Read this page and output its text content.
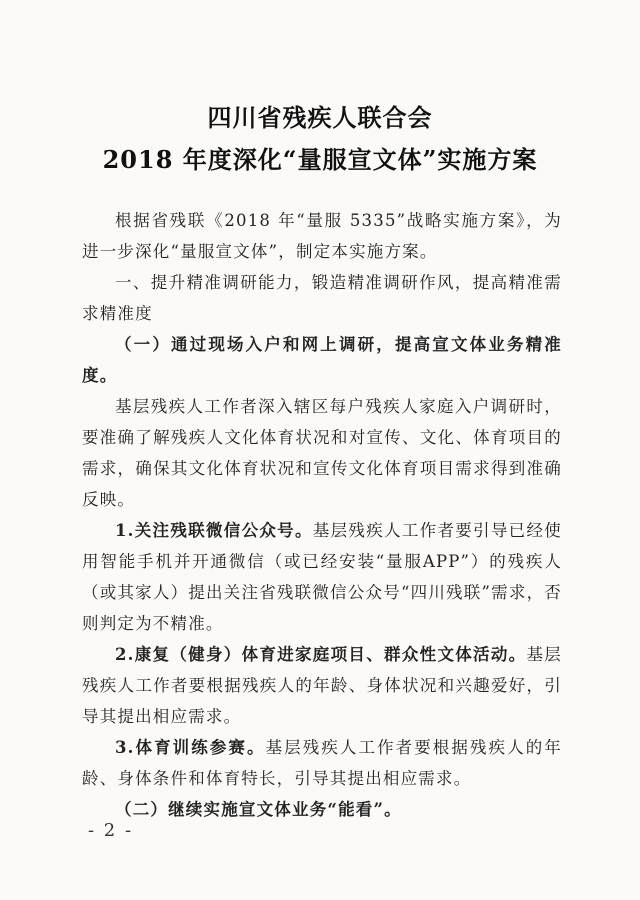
四川省残疾人联合会
2018 年度深化“量服宣文体”实施方案

根据省残联《2018 年“量服 5335”战略实施方案》，为进一步深化“量服宣文体”，制定本实施方案。

一、提升精准调研能力，锻造精准调研作风，提高精准需求精准度

（一）通过现场入户和网上调研，提高宣文体业务精准度。

基层残疾人工作者深入辖区每户残疾人家庭入户调研时，要准确了解残疾人文化体育状况和对宣传、文化、体育项目的需求，确保其文化体育状况和宣传文化体育项目需求得到准确反映。

1.关注残联微信公众号。基层残疾人工作者要引导已经使用智能手机并开通微信（或已经安装“量服APP”）的残疾人（或其家人）提出关注省残联微信公众号“四川残联”需求，否则判定为不精准。

2.康复（健身）体育进家庭项目、群众性文体活动。基层残疾人工作者要根据残疾人的年龄、身体状况和兴趣爱好，引导其提出相应需求。

3.体育训练参赛。基层残疾人工作者要根据残疾人的年龄、身体条件和体育特长，引导其提出相应需求。

（二）继续实施宣文体业务“能看”。

- 2 -
